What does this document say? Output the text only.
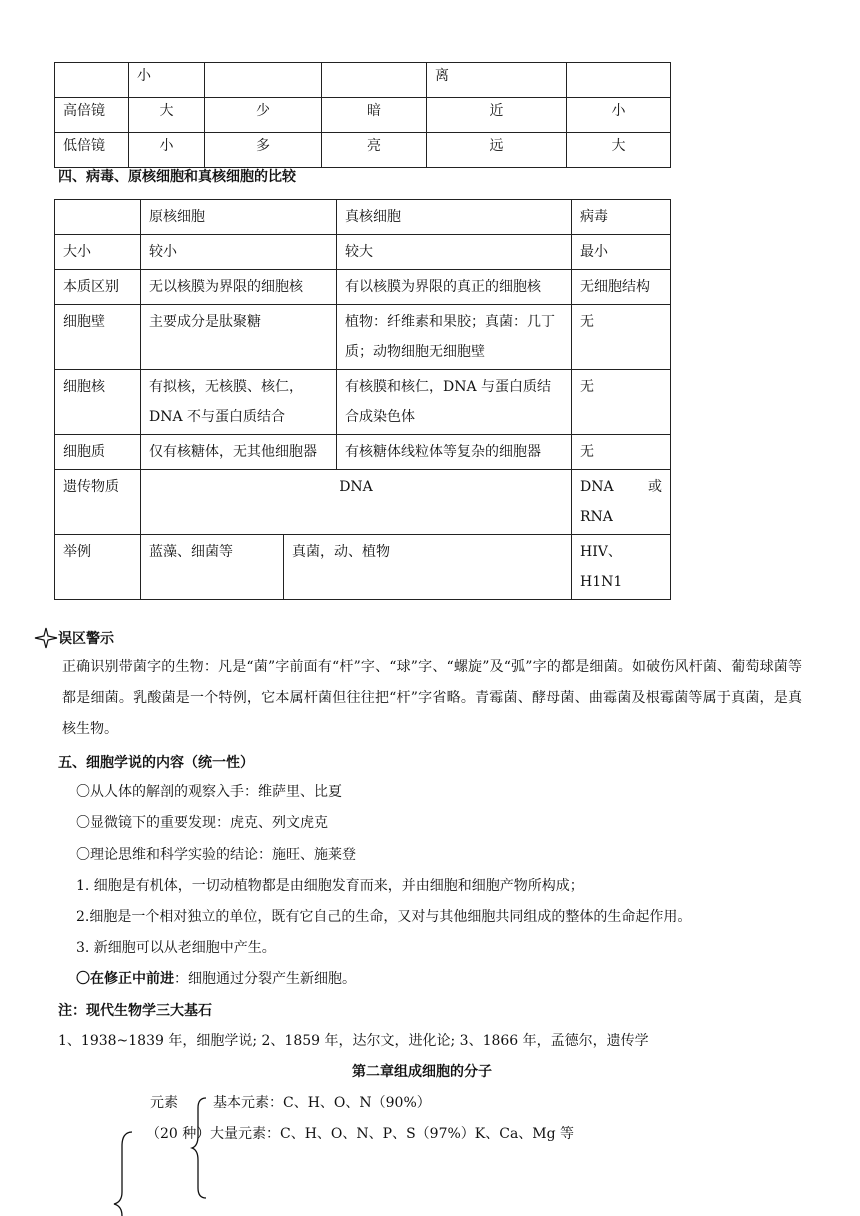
	小			离	
高倍镜	大	少	暗	近	小
低倍镜	小	多	亮	远	大
四、病毒、原核细胞和真核细胞的比较
	原核细胞		真核细胞	病毒
大小	较小		较大	最小
本质区别	无以核膜为界限的细胞核		有以核膜为界限的真正的细胞核	无细胞结构
细胞壁	主要成分是肽聚糖		植物：纤维素和果胶；真菌：几丁质；动物细胞无细胞壁	无
细胞核	有拟核，无核膜、核仁，DNA 不与蛋白质结合		有核膜和核仁，DNA 与蛋白质结合成染色体	无
细胞质	仅有核糖体，无其他细胞器		有核糖体线粒体等复杂的细胞器	无
遗传物质	DNA			DNA 或
RNA

举例	蓝藻、细菌等	真菌，动、植物		HIV、H1N1
误区警示
正确识别带菌字的生物：凡是“菌”字前面有“杆”字、“球”字、“螺旋”及“弧”字的都是细菌。如破伤风杆菌、葡萄球菌等都是细菌。乳酸菌是一个特例，它本属杆菌但往往把“杆”字省略。青霉菌、酵母菌、曲霉菌及根霉菌等属于真菌，是真核生物。
五、细胞学说的内容（统一性）
〇从人体的解剖的观察入手：维萨里、比夏
〇显微镜下的重要发现：虎克、列文虎克
〇理论思维和科学实验的结论：施旺、施莱登
1. 细胞是有机体，一切动植物都是由细胞发育而来，并由细胞和细胞产物所构成；
2.细胞是一个相对独立的单位，既有它自己的生命，又对与其他细胞共同组成的整体的生命起作用。
3. 新细胞可以从老细胞中产生。
〇在修正中前进：细胞通过分裂产生新细胞。
注：现代生物学三大基石
1、1938~1839 年，细胞学说; 2、1859 年，达尔文，进化论; 3、1866 年，孟德尔，遗传学
第二章组成细胞的分子
元素
（20 种）
基本元素：C、H、O、N（90%）
大量元素：C、H、O、N、P、S（97%）K、Ca、Mg 等
